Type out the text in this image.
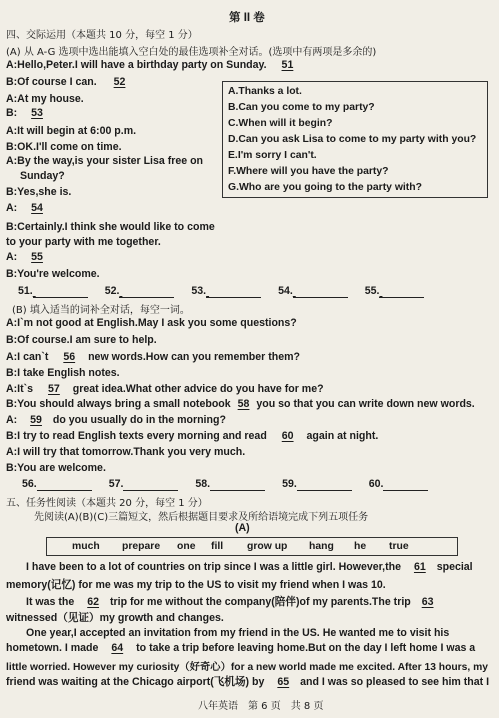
第 II 卷
四、交际运用（本题共 10 分，每空 1 分）
(A) 从 A-G 选项中选出能填入空白处的最佳选项补全对话。(选项中有两项是多余的)
A:Hello,Peter.I will have a birthday party on Sunday. 51
B:Of course I can. 52
A:At my house.
B: 53
A:It will begin at 6:00 p.m.
B:OK.I'll come on time.
A:By the way,is your sister Lisa free on
Sunday?
B:Yes,she is.
A: 54
B:Certainly.I think she would like to come
to your party with me together.
A: 55
B:You're welcome.
A.Thanks a lot.
B.Can you come to my party?
C.When will it begin?
D.Can you ask Lisa to come to my party with you?
E.I'm sorry I can't.
F.Where will you have the party?
G.Who are you going to the party with?
51.	52.	53.	54.	55.
(B) 填入适当的词补全对话，每空一词。
A:I`m not good at English.May I ask you some questions?
B:Of course.I am sure to help.
A:I can`t 56 new words.How can you remember them?
B:I take English notes.
A:It`s 57 great idea.What other advice do you have for me?
B:You should always bring a small notebook 58 you so that you can write down new words.
A: 59 do you usually do in the morning?
B:I try to read English texts every morning and read 60 again at night.
A:I will try that tomorrow.Thank you very much.
B:You are welcome.
56.	57.	58.	59.	60.
五、任务性阅读（本题共 20 分，每空 1 分）
先阅读(A)(B)(C)三篇短文，然后根据题目要求及所给语境完成下列五项任务
(A)
much prepare one fill grow up hang he true
I have been to a lot of countries on trip since I was a little girl. However,the 61 special
memory(记忆) for me was my trip to the US to visit my friend when I was 10.
It was the 62 trip for me without the company(陪伴)of my parents.The trip 63
witnessed（见证）my growth and changes.
One year,I accepted an invitation from my friend in the US. He wanted me to visit his
hometown. I made 64 to take a trip before leaving home.But on the day I left home I was a
little worried. However my curiosity（好奇心）for a new world made me excited. After 13 hours, my
friend was waiting at the Chicago airport(飞机场) by 65 and I was so pleased to see him that I
八年英语　第 6 页　共 8 页
